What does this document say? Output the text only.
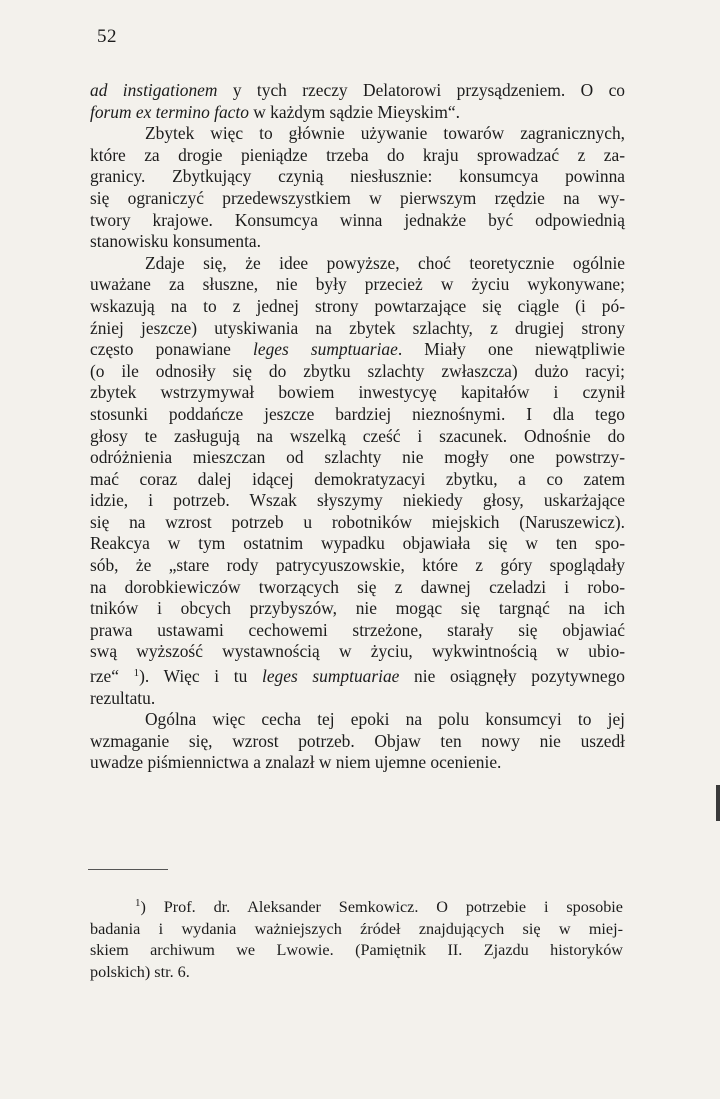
52

ad instigationem y tych rzeczy Delatorowi przysądzeniem. O co
forum ex termino facto w każdym sądzie Mieyskim“.

Zbytek więc to głównie używanie towarów zagranicznych,
które za drogie pieniądze trzeba do kraju sprowadzać z za-
granicy. Zbytkujący czynią niesłusznie: konsumcya powinna
się ograniczyć przedewszystkiem w pierwszym rzędzie na wy-
twory krajowe. Konsumcya winna jednakże być odpowiednią
stanowisku konsumenta.

Zdaje się, że idee powyższe, choć teoretycznie ogólnie
uważane za słuszne, nie były przecież w życiu wykonywane;
wskazują na to z jednej strony powtarzające się ciągle (i pó-
źniej jeszcze) utyskiwania na zbytek szlachty, z drugiej strony
często ponawiane leges sumptuariae. Miały one niewątpliwie
(o ile odnosiły się do zbytku szlachty zwłaszcza) dużo racyi;
zbytek wstrzymywał bowiem inwestycyę kapitałów i czynił
stosunki poddańcze jeszcze bardziej nieznośnymi. I dla tego
głosy te zasługują na wszelką cześć i szacunek. Odnośnie do
odróżnienia mieszczan od szlachty nie mogły one powstrzy-
mać coraz dalej idącej demokratyzacyi zbytku, a co zatem
idzie, i potrzeb. Wszak słyszymy niekiedy głosy, uskarżające
się na wzrost potrzeb u robotników miejskich (Naruszewicz).
Reakcya w tym ostatnim wypadku objawiała się w ten spo-
sób, że „stare rody patrycyuszowskie, które z góry spoglądały
na dorobkiewiczów tworzących się z dawnej czeladzi i robo-
tników i obcych przybyszów, nie mogąc się targnąć na ich
prawa ustawami cechowemi strzeżone, starały się objawiać
swą wyższość wystawnością w życiu, wykwintnością w ubio-
rze“ $^1$). Więc i tu leges sumptuariae nie osiągnęły pozytywnego
rezultatu.

Ogólna więc cecha tej epoki na polu konsumcyi to jej
wzmaganie się, wzrost potrzeb. Objaw ten nowy nie uszedł
uwadze piśmiennictwa a znalazł w niem ujemne ocenienie.

$^1$) Prof. dr. Aleksander Semkowicz. O potrzebie i sposobie
badania i wydania ważniejszych źródeł znajdujących się w miej-
skiem archiwum we Lwowie. (Pamiętnik II. Zjazdu historyków
polskich) str. 6.
